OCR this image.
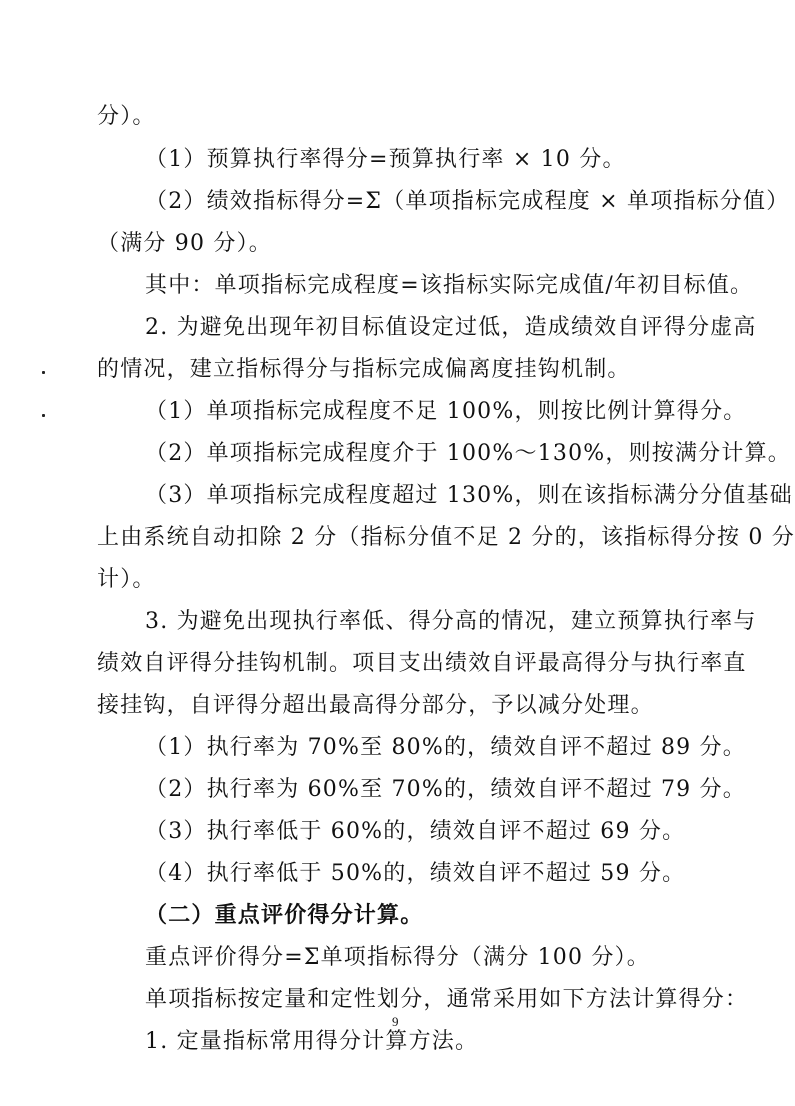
分）。
（1）预算执行率得分=预算执行率 × 10 分。
（2）绩效指标得分=Σ（单项指标完成程度 × 单项指标分值）
（满分 90 分）。
其中：单项指标完成程度=该指标实际完成值/年初目标值。
2. 为避免出现年初目标值设定过低，造成绩效自评得分虚高
的情况，建立指标得分与指标完成偏离度挂钩机制。
（1）单项指标完成程度不足 100%，则按比例计算得分。
（2）单项指标完成程度介于 100%～130%，则按满分计算。
（3）单项指标完成程度超过 130%，则在该指标满分分值基础
上由系统自动扣除 2 分（指标分值不足 2 分的，该指标得分按 0 分
计）。
3. 为避免出现执行率低、得分高的情况，建立预算执行率与
绩效自评得分挂钩机制。项目支出绩效自评最高得分与执行率直
接挂钩，自评得分超出最高得分部分，予以减分处理。
（1）执行率为 70%至 80%的，绩效自评不超过 89 分。
（2）执行率为 60%至 70%的，绩效自评不超过 79 分。
（3）执行率低于 60%的，绩效自评不超过 69 分。
（4）执行率低于 50%的，绩效自评不超过 59 分。
（二）重点评价得分计算。
重点评价得分=Σ单项指标得分（满分 100 分）。
单项指标按定量和定性划分，通常采用如下方法计算得分：
1. 定量指标常用得分计算方法。
9
